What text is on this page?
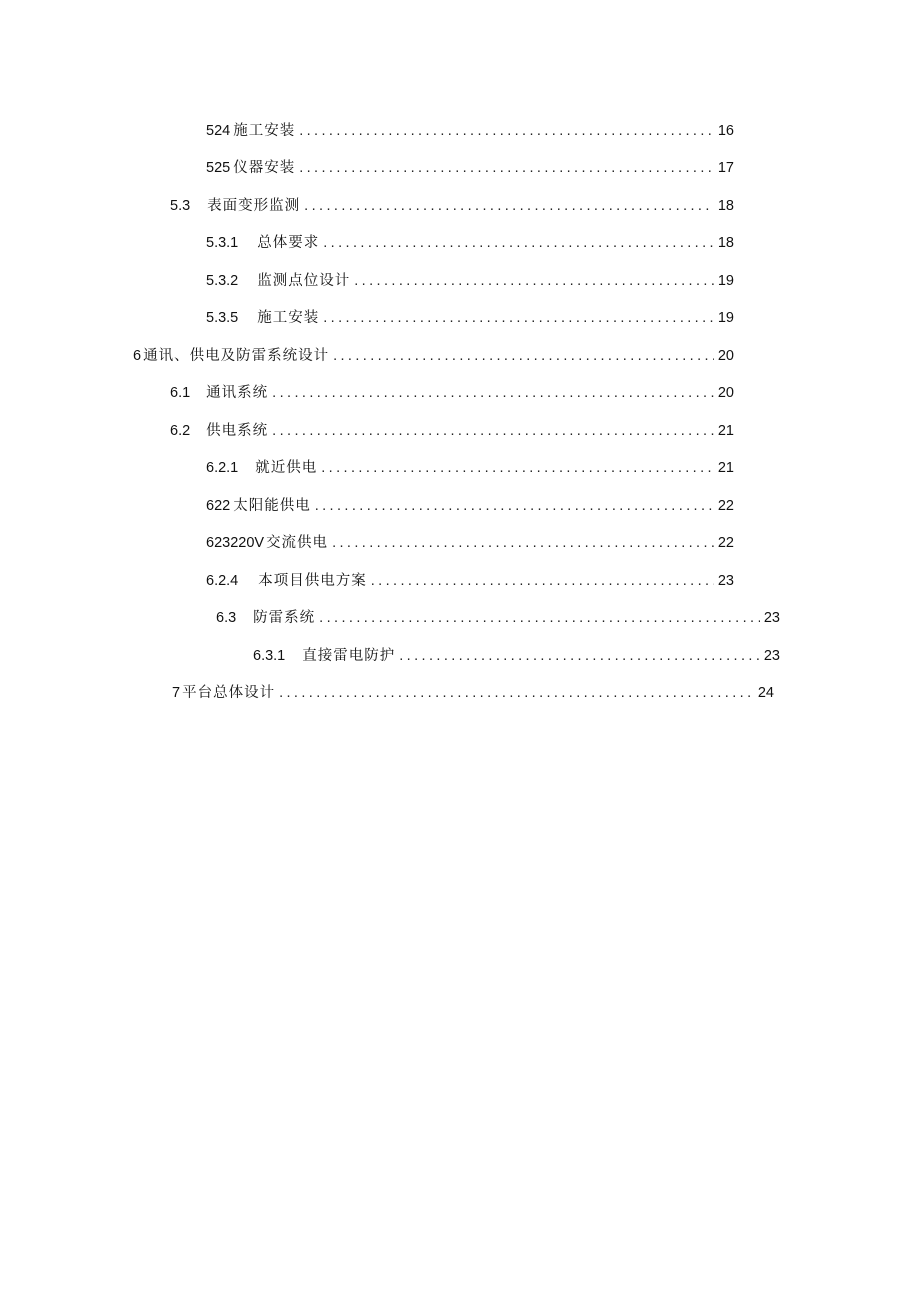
524 施工安装 .....	16
525 仪器安装 .....	17
5.3 表面变形监测 .....	18
5.3.1 总体要求 .....	18
5.3.2 监测点位设计 .....	19
5.3.5 施工安装 .....	19
6 通讯、供电及防雷系统设计 .....	20
6.1 通讯系统 .....	20
6.2 供电系统 .....	21
6.2.1 就近供电 .....	21
622 太阳能供电 .....	22
623220V 交流供电 .....	22
6.2.4 本项目供电方案 .....	23
6.3 防雷系统 .....	23
6.3.1 直接雷电防护 .....	23
7 平台总体设计 .....	24
